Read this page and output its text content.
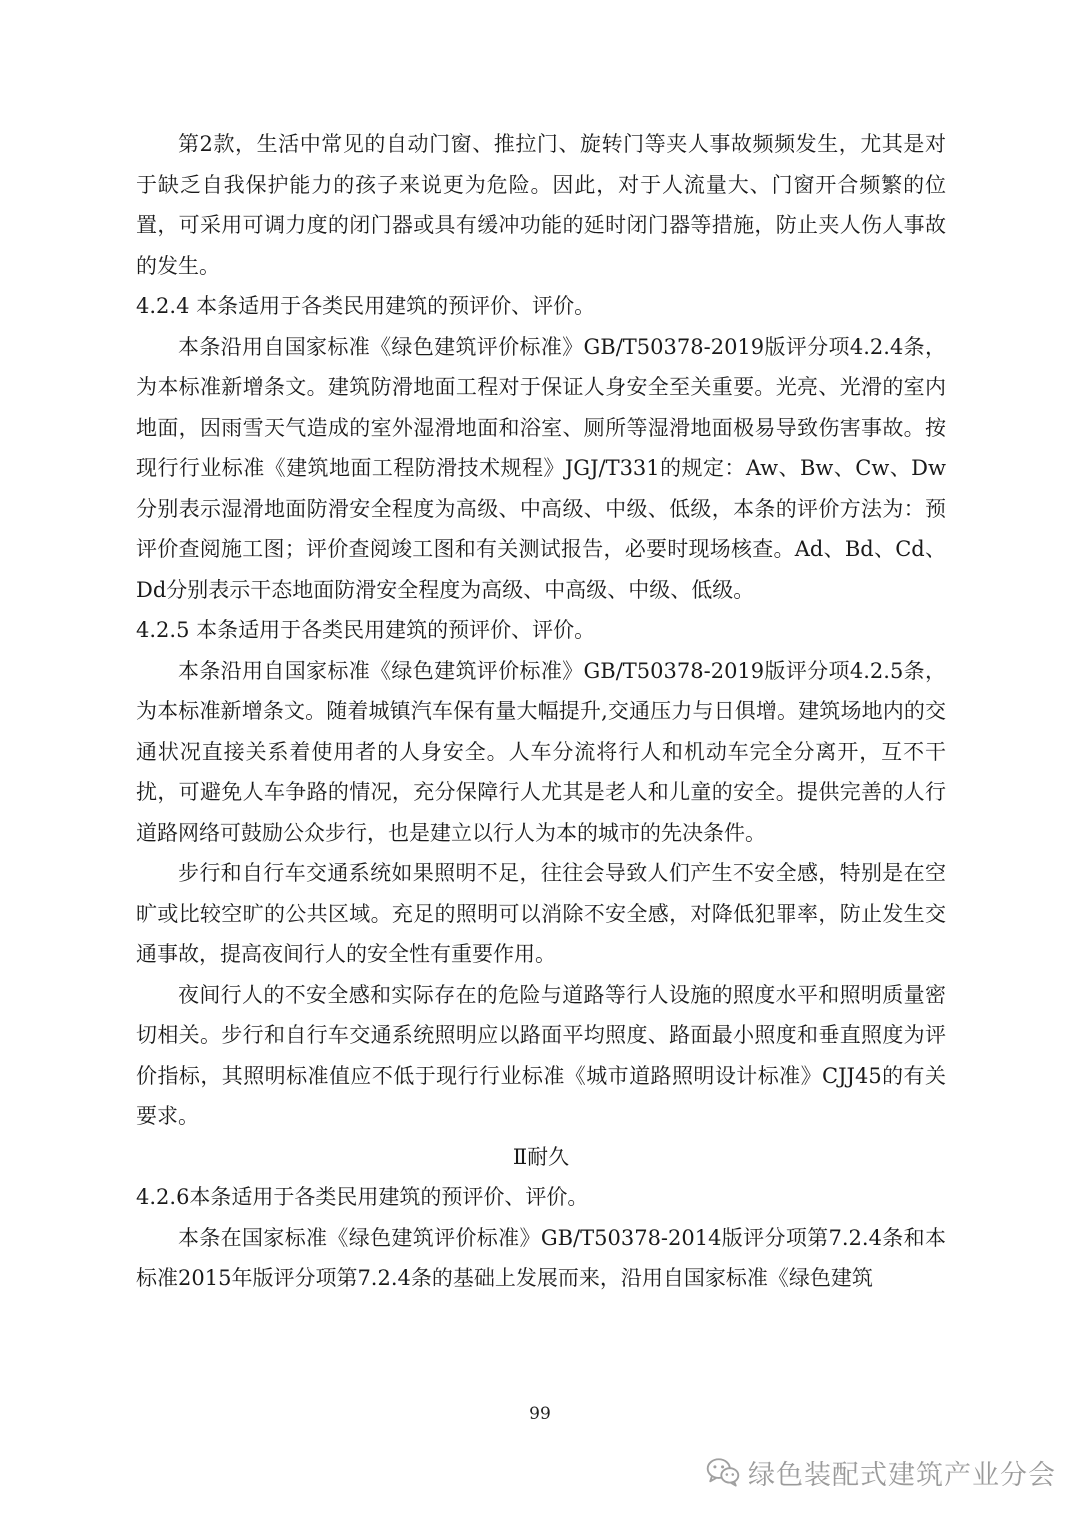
第2款，生活中常见的自动门窗、推拉门、旋转门等夹人事故频频发生，尤其是对于缺乏自我保护能力的孩子来说更为危险。因此，对于人流量大、门窗开合频繁的位置，可采用可调力度的闭门器或具有缓冲功能的延时闭门器等措施，防止夹人伤人事故的发生。

4.2.4 本条适用于各类民用建筑的预评价、评价。

本条沿用自国家标准《绿色建筑评价标准》GB/T50378-2019版评分项4.2.4条，为本标准新增条文。建筑防滑地面工程对于保证人身安全至关重要。光亮、光滑的室内地面，因雨雪天气造成的室外湿滑地面和浴室、厕所等湿滑地面极易导致伤害事故。按现行行业标准《建筑地面工程防滑技术规程》JGJ/T331的规定：Aw、Bw、Cw、Dw分别表示湿滑地面防滑安全程度为高级、中高级、中级、低级，本条的评价方法为：预评价查阅施工图；评价查阅竣工图和有关测试报告，必要时现场核查。Ad、Bd、Cd、Dd分别表示干态地面防滑安全程度为高级、中高级、中级、低级。

4.2.5 本条适用于各类民用建筑的预评价、评价。

本条沿用自国家标准《绿色建筑评价标准》GB/T50378-2019版评分项4.2.5条，为本标准新增条文。随着城镇汽车保有量大幅提升,交通压力与日俱增。建筑场地内的交通状况直接关系着使用者的人身安全。人车分流将行人和机动车完全分离开，互不干扰，可避免人车争路的情况，充分保障行人尤其是老人和儿童的安全。提供完善的人行道路网络可鼓励公众步行，也是建立以行人为本的城市的先决条件。

步行和自行车交通系统如果照明不足，往往会导致人们产生不安全感，特别是在空旷或比较空旷的公共区域。充足的照明可以消除不安全感，对降低犯罪率，防止发生交通事故，提高夜间行人的安全性有重要作用。

夜间行人的不安全感和实际存在的危险与道路等行人设施的照度水平和照明质量密切相关。步行和自行车交通系统照明应以路面平均照度、路面最小照度和垂直照度为评价指标，其照明标准值应不低于现行行业标准《城市道路照明设计标准》CJJ45的有关要求。

Ⅱ耐久

4.2.6本条适用于各类民用建筑的预评价、评价。

本条在国家标准《绿色建筑评价标准》GB/T50378-2014版评分项第7.2.4条和本标准2015年版评分项第7.2.4条的基础上发展而来，沿用自国家标准《绿色建筑

99
绿色装配式建筑产业分会
